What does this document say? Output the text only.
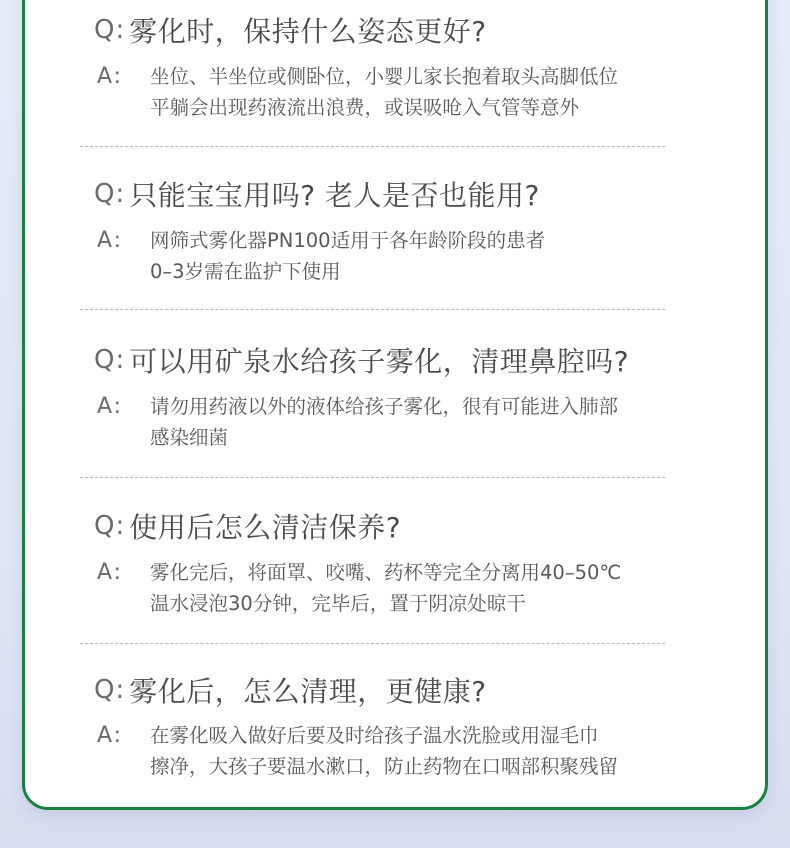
Q: 雾化时，保持什么姿态更好?
A: 坐位、半坐位或侧卧位，小婴儿家长抱着取头高脚低位
平躺会出现药液流出浪费，或误吸呛入气管等意外
Q: 只能宝宝用吗? 老人是否也能用?
A: 网筛式雾化器PN100适用于各年龄阶段的患者
0–3岁需在监护下使用
Q: 可以用矿泉水给孩子雾化，清理鼻腔吗?
A: 请勿用药液以外的液体给孩子雾化，很有可能进入肺部
感染细菌
Q: 使用后怎么清洁保养?
A: 雾化完后，将面罩、咬嘴、药杯等完全分离用40–50℃
温水浸泡30分钟，完毕后，置于阴凉处晾干
Q: 雾化后，怎么清理，更健康?
A: 在雾化吸入做好后要及时给孩子温水洗脸或用湿毛巾
擦净，大孩子要温水漱口，防止药物在口咽部积聚残留
